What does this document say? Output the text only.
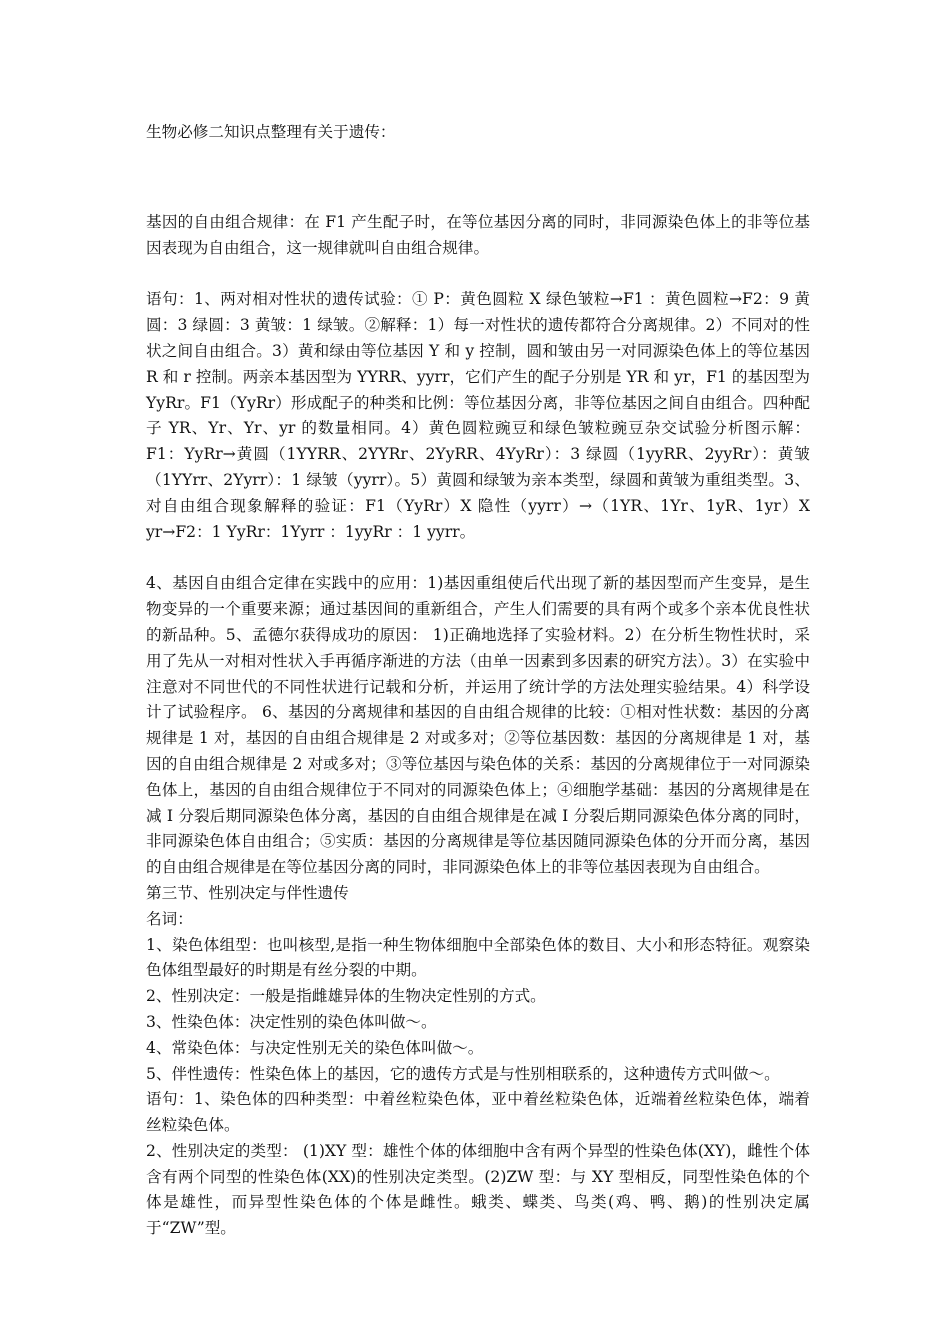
生物必修二知识点整理有关于遗传：

基因的自由组合规律：在 F1 产生配子时，在等位基因分离的同时，非同源染色体上的非等位基因表现为自由组合，这一规律就叫自由组合规律。

语句：1、两对相对性状的遗传试验：① P：黄色圆粒 X 绿色皱粒→F1 ：黄色圆粒→F2：9 黄圆：3 绿圆：3 黄皱：1 绿皱。②解释：1）每一对性状的遗传都符合分离规律。2）不同对的性状之间自由组合。3）黄和绿由等位基因 Y 和 y 控制，圆和皱由另一对同源染色体上的等位基因 R 和 r 控制。两亲本基因型为 YYRR、yyrr，它们产生的配子分别是 YR 和 yr，F1 的基因型为 YyRr。F1（YyRr）形成配子的种类和比例：等位基因分离，非等位基因之间自由组合。四种配子 YR、Yr、Yr、yr 的数量相同。4）黄色圆粒豌豆和绿色皱粒豌豆杂交试验分析图示解： F1：YyRr→黄圆（1YYRR、2YYRr、2YyRR、4YyRr）：3 绿圆（1yyRR、2yyRr）：黄皱（1YYrr、2Yyrr）：1 绿皱（yyrr）。5）黄圆和绿皱为亲本类型，绿圆和黄皱为重组类型。3、对自由组合现象解释的验证：F1（YyRr）X 隐性（yyrr）→（1YR、1Yr、1yR、1yr）X yr→F2：1 YyRr：1Yyrr ：1yyRr ：1 yyrr。

4、基因自由组合定律在实践中的应用：1)基因重组使后代出现了新的基因型而产生变异，是生物变异的一个重要来源；通过基因间的重新组合，产生人们需要的具有两个或多个亲本优良性状的新品种。5、孟德尔获得成功的原因： 1)正确地选择了实验材料。2）在分析生物性状时，采用了先从一对相对性状入手再循序渐进的方法（由单一因素到多因素的研究方法）。3）在实验中注意对不同世代的不同性状进行记载和分析，并运用了统计学的方法处理实验结果。4）科学设计了试验程序。 6、基因的分离规律和基因的自由组合规律的比较：①相对性状数：基因的分离规律是 1 对，基因的自由组合规律是 2 对或多对；②等位基因数：基因的分离规律是 1 对，基因的自由组合规律是 2 对或多对；③等位基因与染色体的关系：基因的分离规律位于一对同源染色体上，基因的自由组合规律位于不同对的同源染色体上；④细胞学基础：基因的分离规律是在减 I 分裂后期同源染色体分离，基因的自由组合规律是在减 I 分裂后期同源染色体分离的同时，非同源染色体自由组合；⑤实质：基因的分离规律是等位基因随同源染色体的分开而分离，基因的自由组合规律是在等位基因分离的同时，非同源染色体上的非等位基因表现为自由组合。

第三节、性别决定与伴性遗传

名词：

1、染色体组型：也叫核型,是指一种生物体细胞中全部染色体的数目、大小和形态特征。观察染色体组型最好的时期是有丝分裂的中期。

2、性别决定：一般是指雌雄异体的生物决定性别的方式。

3、性染色体：决定性别的染色体叫做～。

4、常染色体：与决定性别无关的染色体叫做～。

5、伴性遗传：性染色体上的基因，它的遗传方式是与性别相联系的，这种遗传方式叫做～。

语句：1、染色体的四种类型：中着丝粒染色体，亚中着丝粒染色体，近端着丝粒染色体，端着丝粒染色体。

2、性别决定的类型： (1)XY 型：雄性个体的体细胞中含有两个异型的性染色体(XY)，雌性个体含有两个同型的性染色体(XX)的性别决定类型。(2)ZW 型：与 XY 型相反，同型性染色体的个体是雄性，而异型性染色体的个体是雌性。蛾类、蝶类、鸟类(鸡、鸭、鹅)的性别决定属于“ZW”型。
